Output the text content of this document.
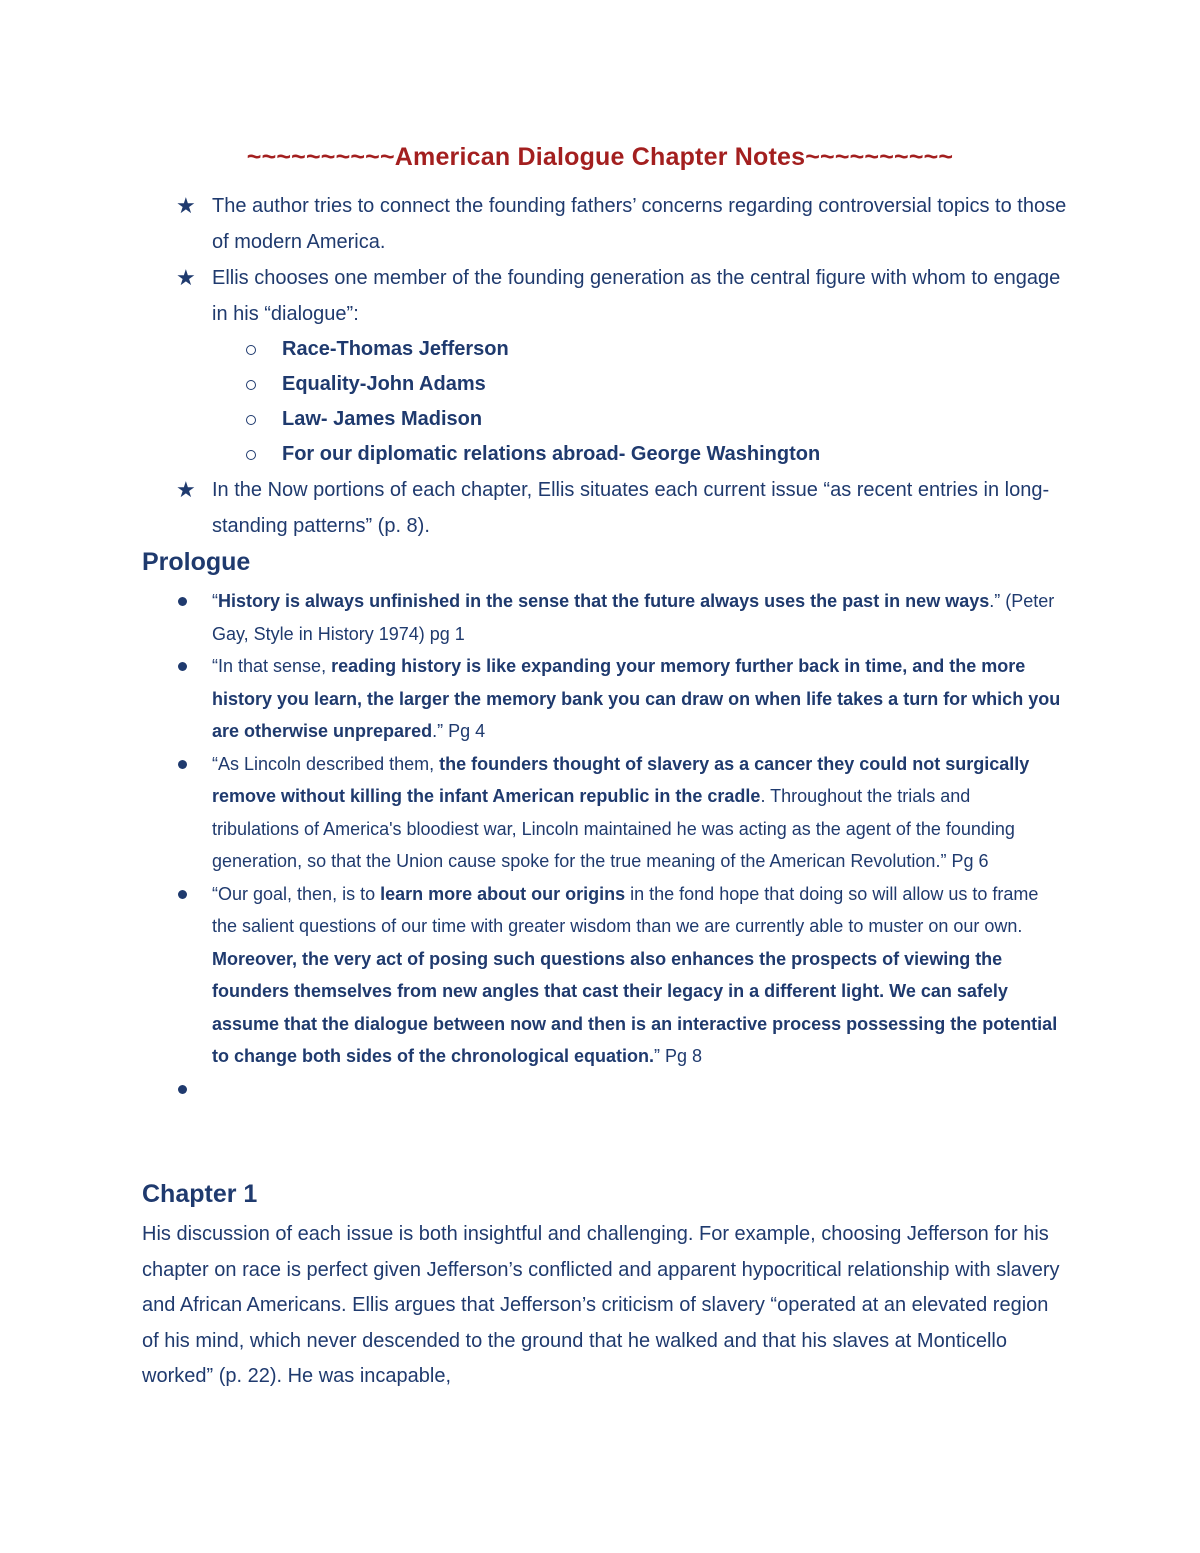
~~~~~~~~~~American Dialogue Chapter Notes~~~~~~~~~~
★ The author tries to connect the founding fathers’ concerns regarding controversial topics to those of modern America.
★ Ellis chooses one member of the founding generation as the central figure with whom to engage in his “dialogue”:
Race-Thomas Jefferson
Equality-John Adams
Law- James Madison
For our diplomatic relations abroad- George Washington
★ In the Now portions of each chapter, Ellis situates each current issue “as recent entries in long-standing patterns” (p. 8).
Prologue
“History is always unfinished in the sense that the future always uses the past in new ways.” (Peter Gay, Style in History 1974) pg 1
“In that sense, reading history is like expanding your memory further back in time, and the more history you learn, the larger the memory bank you can draw on when life takes a turn for which you are otherwise unprepared.” Pg 4
“As Lincoln described them, the founders thought of slavery as a cancer they could not surgically remove without killing the infant American republic in the cradle. Throughout the trials and tribulations of America's bloodiest war, Lincoln maintained he was acting as the agent of the founding generation, so that the Union cause spoke for the true meaning of the American Revolution.” Pg 6
“Our goal, then, is to learn more about our origins in the fond hope that doing so will allow us to frame the salient questions of our time with greater wisdom than we are currently able to muster on our own. Moreover, the very act of posing such questions also enhances the prospects of viewing the founders themselves from new angles that cast their legacy in a different light. We can safely assume that the dialogue between now and then is an interactive process possessing the potential to change both sides of the chronological equation.” Pg 8

Chapter 1
His discussion of each issue is both insightful and challenging. For example, choosing Jefferson for his chapter on race is perfect given Jefferson’s conflicted and apparent hypocritical relationship with slavery and African Americans. Ellis argues that Jefferson’s criticism of slavery “operated at an elevated region of his mind, which never descended to the ground that he walked and that his slaves at Monticello worked” (p. 22). He was incapable,
